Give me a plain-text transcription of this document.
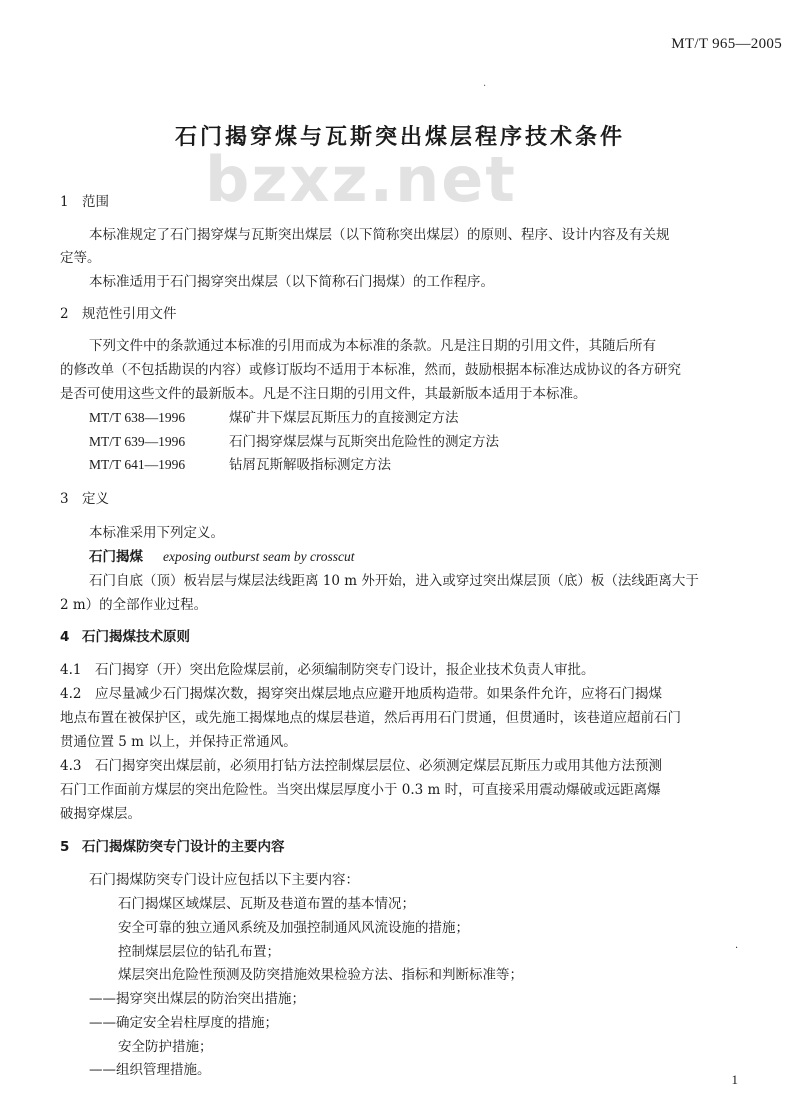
MT/T 965—2005
.
bzxz.net
石门揭穿煤与瓦斯突出煤层程序技术条件
1 范围
本标准规定了石门揭穿煤与瓦斯突出煤层（以下简称突出煤层）的原则、程序、设计内容及有关规
定等。
本标准适用于石门揭穿突出煤层（以下简称石门揭煤）的工作程序。
2 规范性引用文件
下列文件中的条款通过本标准的引用而成为本标准的条款。凡是注日期的引用文件，其随后所有
的修改单（不包括勘误的内容）或修订版均不适用于本标准，然而，鼓励根据本标准达成协议的各方研究
是否可使用这些文件的最新版本。凡是不注日期的引用文件，其最新版本适用于本标准。
MT/T 638—1996	煤矿井下煤层瓦斯压力的直接测定方法
MT/T 639—1996	石门揭穿煤层煤与瓦斯突出危险性的测定方法
MT/T 641—1996	钻屑瓦斯解吸指标测定方法
3 定义
本标准采用下列定义。
石门揭煤 exposing outburst seam by crosscut
石门自底（顶）板岩层与煤层法线距离 10 m 外开始，进入或穿过突出煤层顶（底）板（法线距离大于
2 m）的全部作业过程。
4 石门揭煤技术原则
4.1　石门揭穿（开）突出危险煤层前，必须编制防突专门设计，报企业技术负责人审批。
4.2　应尽量减少石门揭煤次数，揭穿突出煤层地点应避开地质构造带。如果条件允许，应将石门揭煤
地点布置在被保护区，或先施工揭煤地点的煤层巷道，然后再用石门贯通，但贯通时，该巷道应超前石门
贯通位置 5 m 以上，并保持正常通风。
4.3　石门揭穿突出煤层前，必须用打钻方法控制煤层层位、必须测定煤层瓦斯压力或用其他方法预测
石门工作面前方煤层的突出危险性。当突出煤层厚度小于 0.3 m 时，可直接采用震动爆破或远距离爆
破揭穿煤层。
5 石门揭煤防突专门设计的主要内容
石门揭煤防突专门设计应包括以下主要内容：
石门揭煤区域煤层、瓦斯及巷道布置的基本情况；
安全可靠的独立通风系统及加强控制通风风流设施的措施；
控制煤层层位的钻孔布置；
煤层突出危险性预测及防突措施效果检验方法、指标和判断标准等；
——揭穿突出煤层的防治突出措施；
——确定安全岩柱厚度的措施；
安全防护措施；
——组织管理措施。
.
1
